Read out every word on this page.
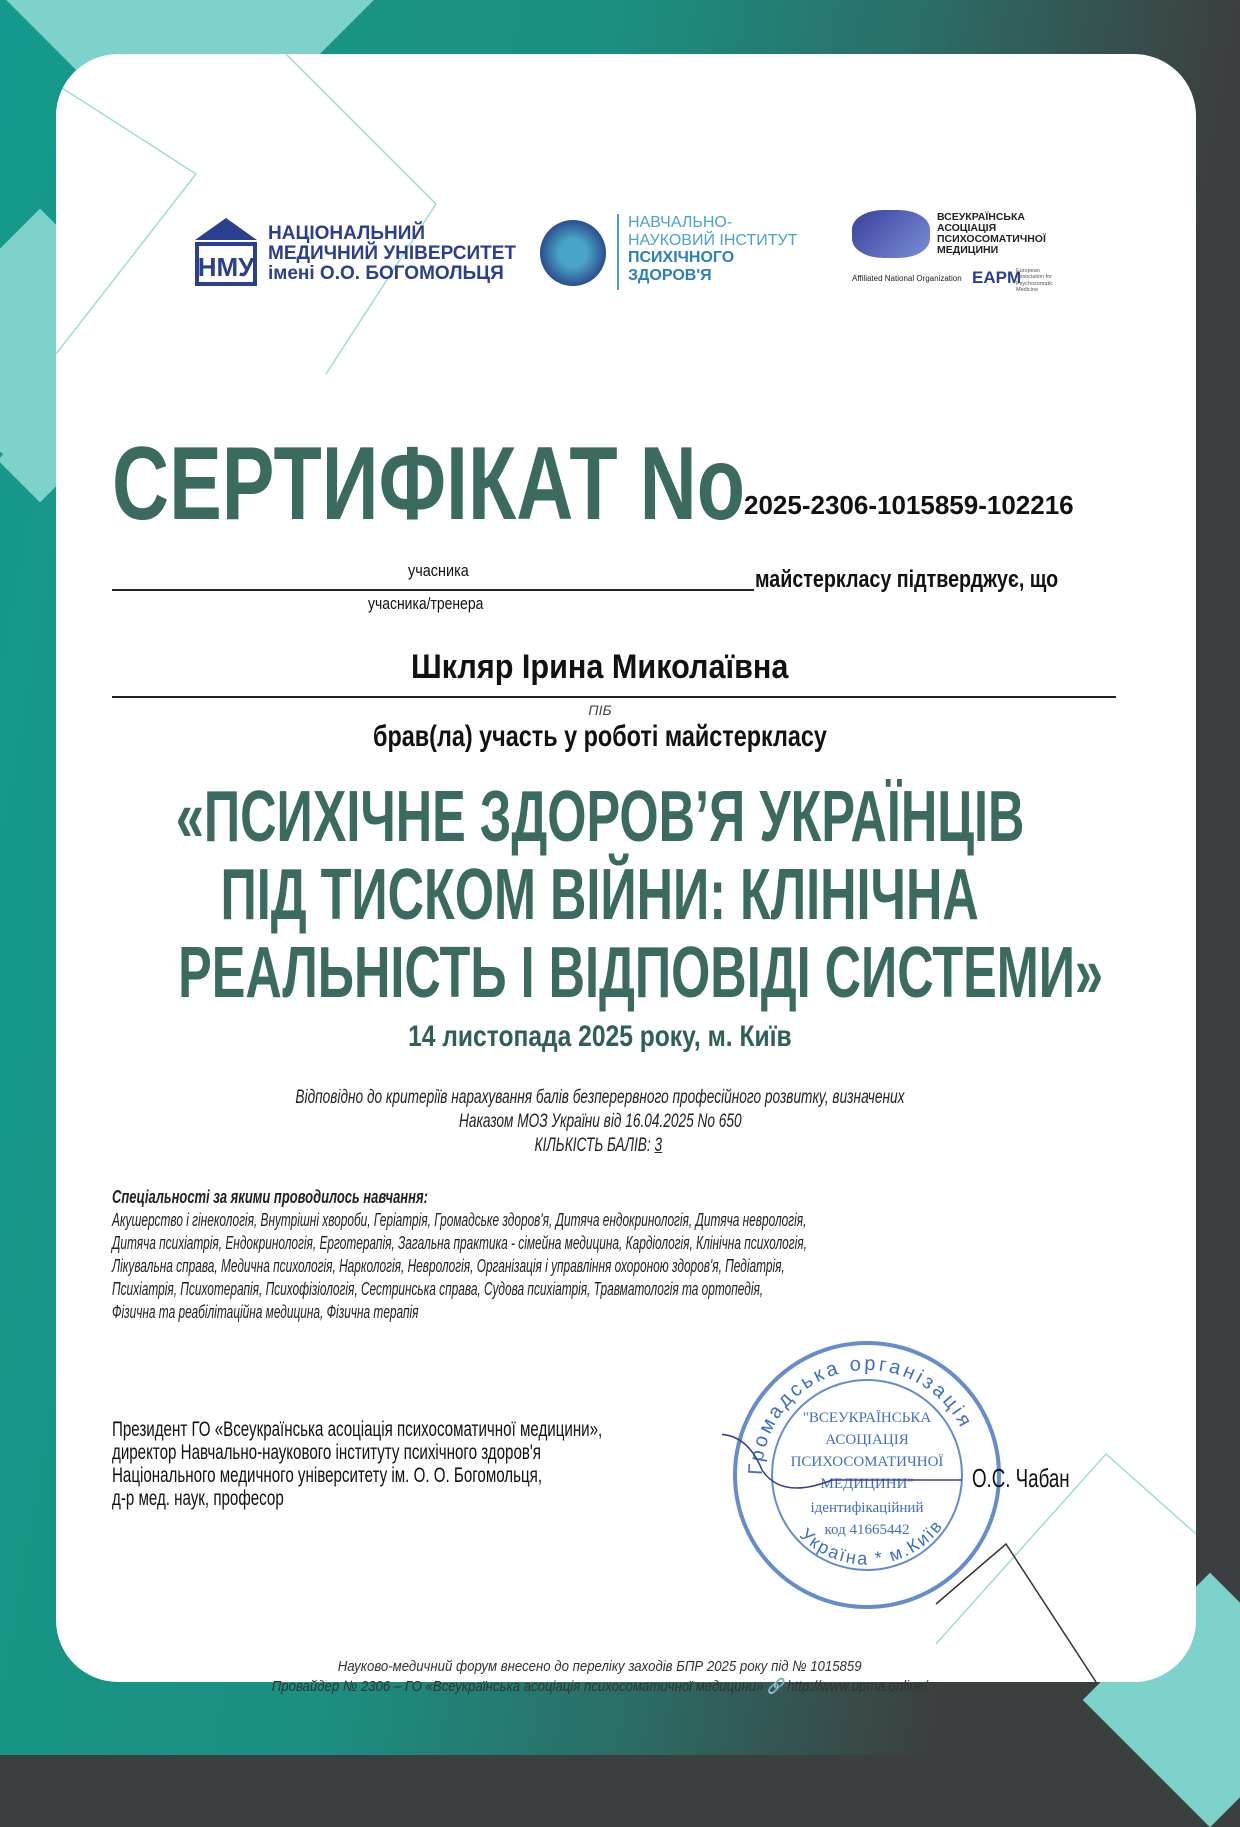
НМУ
НАЦІОНАЛЬНИЙ
МЕДИЧНИЙ УНІВЕРСИТЕТ
імені О.О. БОГОМОЛЬЦЯ
НАВЧАЛЬНО-
НАУКОВИЙ ІНСТИТУТ
ПСИХІЧНОГО
ЗДОРОВ'Я
ВСЕУКРАЇНСЬКА
АСОЦІАЦІЯ
ПСИХОСОМАТИЧНОЇ
МЕДИЦИНИ
Affiliated National Organization EAPM
European
Association for
Psychosomatic
Medicine
СЕРТИФІКАТ No 2025-2306-1015859-102216
учасника	майстеркласу підтверджує, що
учасника/тренера
Шкляр Ірина Миколаївна
ПІБ
брав(ла) участь у роботі майстеркласу
«ПСИХІЧНЕ ЗДОРОВ’Я УКРАЇНЦІВ
ПІД ТИСКОМ ВІЙНИ: КЛІНІЧНА
РЕАЛЬНІСТЬ І ВІДПОВІДІ СИСТЕМИ»
14 листопада 2025 року, м. Київ
Відповідно до критеріїв нарахування балів безперервного професійного розвитку, визначених
Наказом МОЗ України від 16.04.2025 No 650
КІЛЬКІСТЬ БАЛІВ: 3
Спеціальності за якими проводилось навчання:
Акушерство і гінекологія, Внутрішні хвороби, Геріатрія, Громадське здоров'я, Дитяча ендокринологія, Дитяча неврологія,
Дитяча психіатрія, Ендокринологія, Ерготерапія, Загальна практика - сімейна медицина, Кардіологія, Клінічна психологія,
Лікувальна справа, Медична психологія, Наркологія, Неврологія, Організація і управління охороною здоров'я, Педіатрія,
Психіатрія, Психотерапія, Психофізіологія, Сестринська справа, Судова психіатрія, Травматологія та ортопедія,
Фізична та реабілітаційна медицина, Фізична терапія
Громадська організація
Україна * м.Київ
"ВСЕУКРАЇНСЬКА
АСОЦІАЦІЯ
ПСИХОСОМАТИЧНОЇ
МЕДИЦИНИ"
ідентифікаційний
код 41665442
Президент ГО «Всеукраїнська асоціація психосоматичної медицини»,
директор Навчально-наукового інституту психічного здоров'я
Національного медичного університету ім. О. О. Богомольця,
д-р мед. наук, професор
О.С. Чабан
Науково-медичний форум внесено до переліку заходів БПР 2025 року під № 1015859
Провайдер № 2306 – ГО «Всеукраїнська асоціація психосоматичної медицини» 🔗 http://www.upma.online/
